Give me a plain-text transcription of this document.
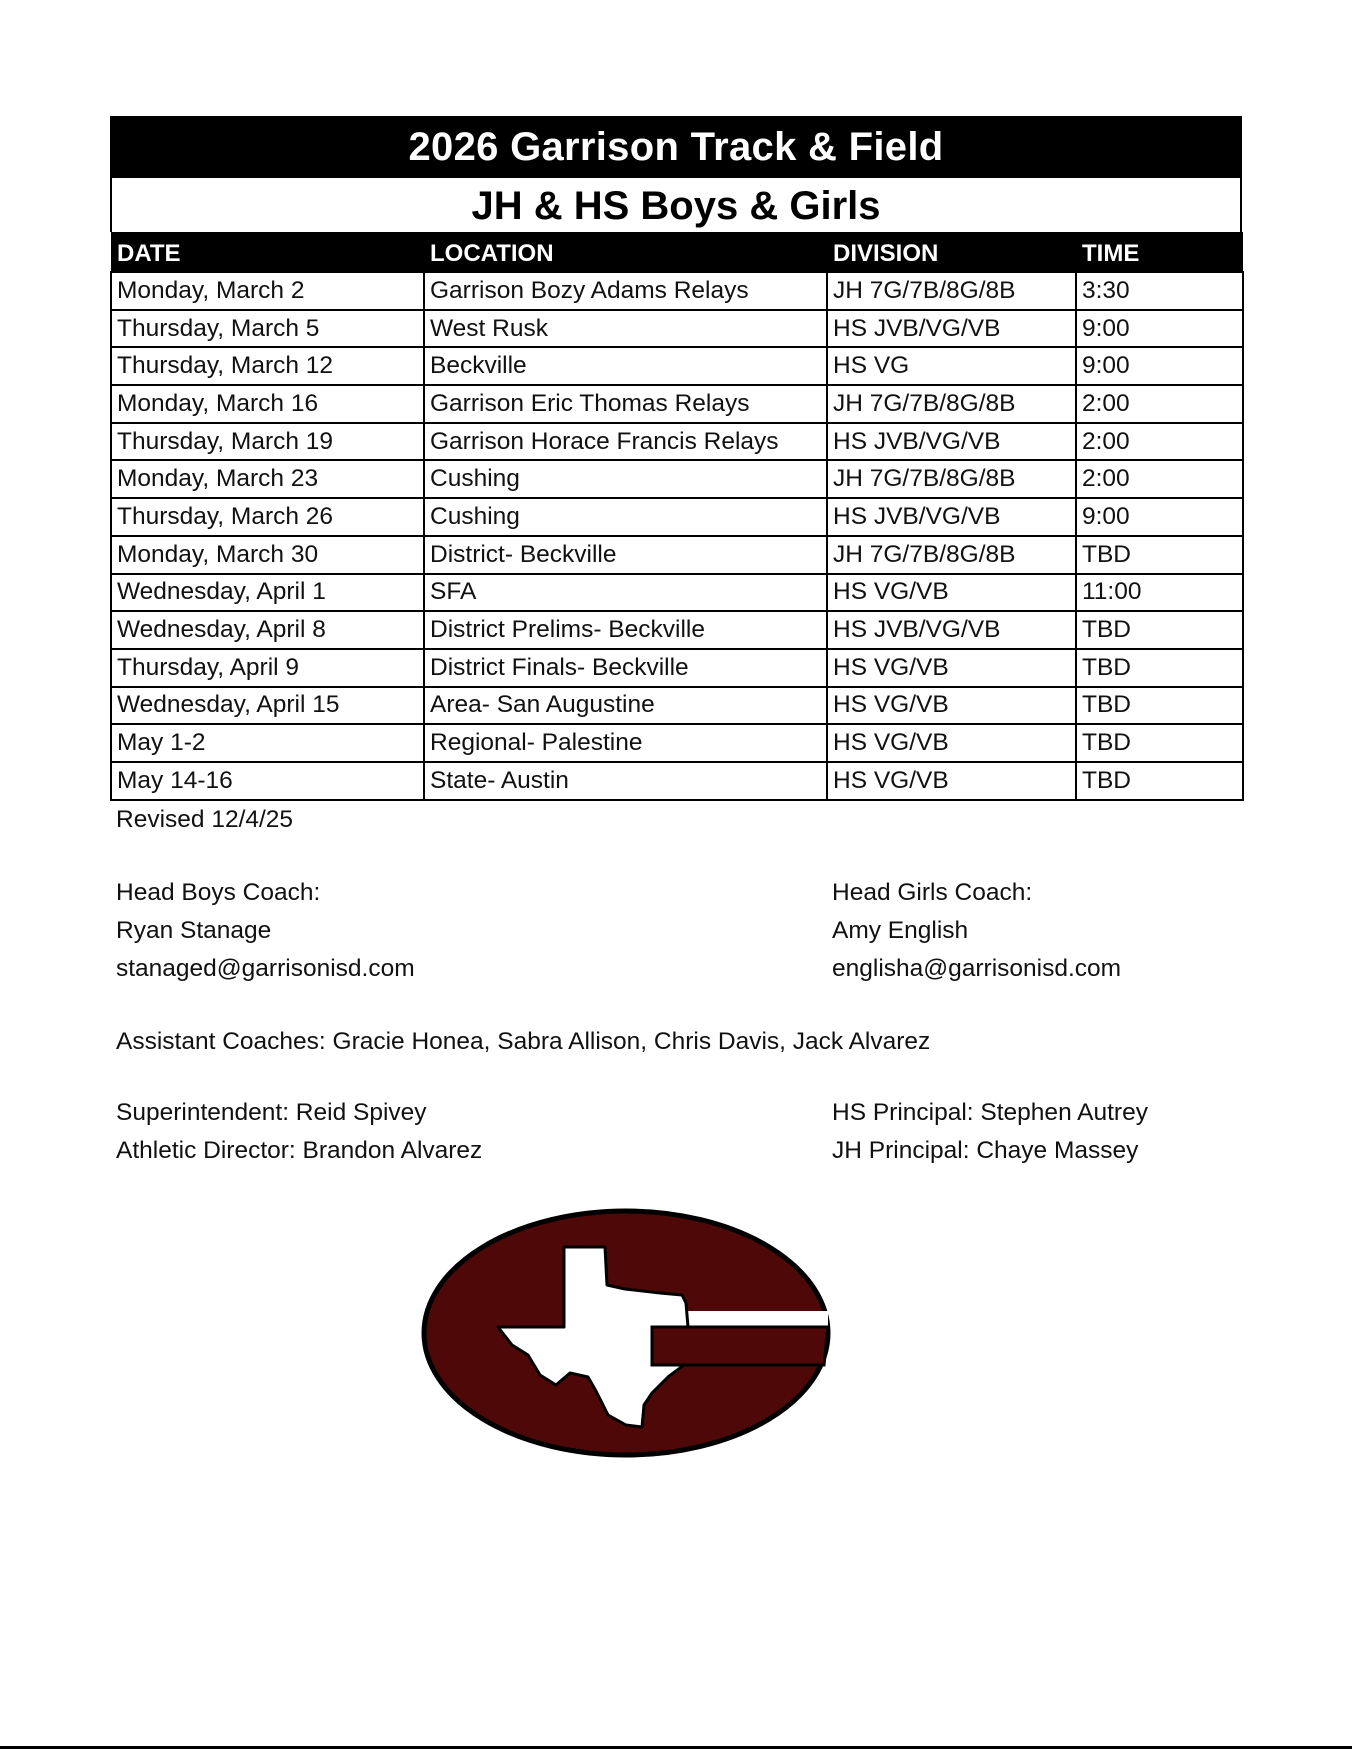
2026 Garrison Track & Field
JH & HS Boys & Girls
DATE	LOCATION	DIVISION	TIME
Monday, March 2	Garrison Bozy Adams Relays	JH 7G/7B/8G/8B	3:30
Thursday, March 5	West Rusk	HS JVB/VG/VB	9:00
Thursday, March 12	Beckville	HS VG	9:00
Monday, March 16	Garrison Eric Thomas Relays	JH 7G/7B/8G/8B	2:00
Thursday, March 19	Garrison Horace Francis Relays	HS JVB/VG/VB	2:00
Monday, March 23	Cushing	JH 7G/7B/8G/8B	2:00
Thursday, March 26	Cushing	HS JVB/VG/VB	9:00
Monday, March 30	District- Beckville	JH 7G/7B/8G/8B	TBD
Wednesday, April 1	SFA	HS VG/VB	11:00
Wednesday, April 8	District Prelims- Beckville	HS JVB/VG/VB	TBD
Thursday, April 9	District Finals- Beckville	HS VG/VB	TBD
Wednesday, April 15	Area- San Augustine	HS VG/VB	TBD
May 1-2	Regional- Palestine	HS VG/VB	TBD
May 14-16	State- Austin	HS VG/VB	TBD
Revised 12/4/25
Head Boys Coach:
Ryan Stanage
stanaged@garrisonisd.com
Head Girls Coach:
Amy English
englisha@garrisonisd.com
Assistant Coaches: Gracie Honea, Sabra Allison, Chris Davis, Jack Alvarez
Superintendent: Reid Spivey
Athletic Director: Brandon Alvarez
HS Principal: Stephen Autrey
JH Principal: Chaye Massey
